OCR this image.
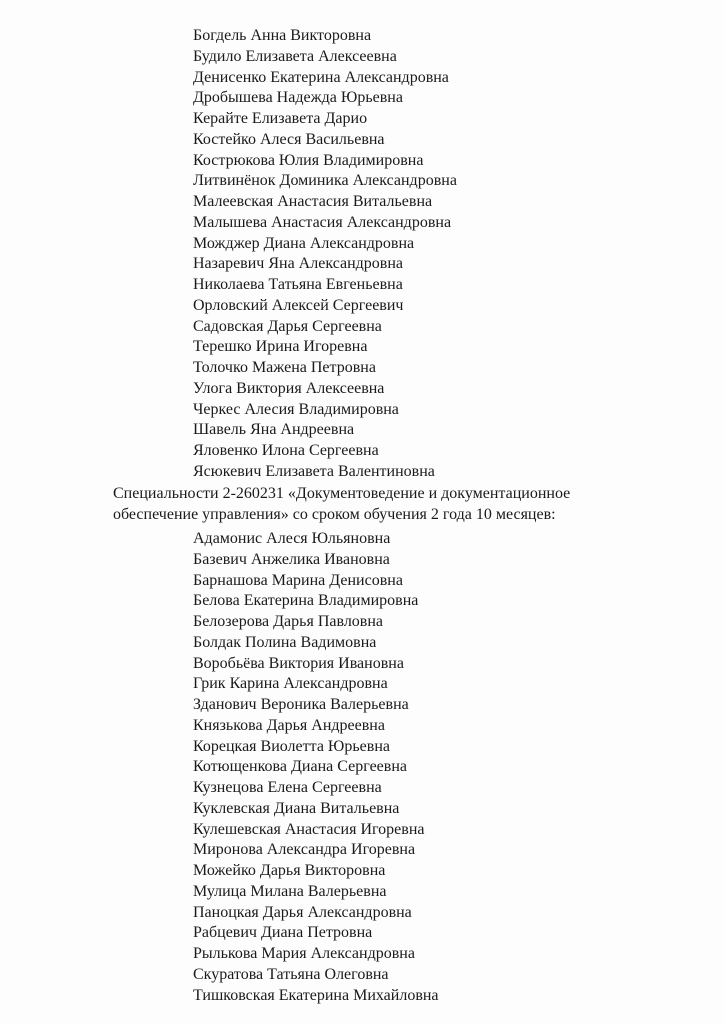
Богдель Анна Викторовна
Будило Елизавета Алексеевна
Денисенко Екатерина Александровна
Дробышева Надежда Юрьевна
Керайте Елизавета Дарио
Костейко Алеся Васильевна
Кострюкова Юлия Владимировна
Литвинёнок Доминика Александровна
Малеевская Анастасия Витальевна
Малышева Анастасия Александровна
Можджер Диана Александровна
Назаревич Яна Александровна
Николаева Татьяна Евгеньевна
Орловский Алексей Сергеевич
Садовская Дарья Сергеевна
Терешко Ирина Игоревна
Толочко Мажена Петровна
Улога Виктория Алексеевна
Черкес Алесия Владимировна
Шавель Яна Андреевна
Яловенко Илона Сергеевна
Ясюкевич Елизавета Валентиновна

Специальности 2-260231 «Документоведение и документационное
обеспечение управления» со сроком обучения 2 года 10 месяцев:

Адамонис Алеся Юльяновна
Базевич Анжелика Ивановна
Барнашова Марина Денисовна
Белова Екатерина Владимировна
Белозерова Дарья Павловна
Болдак Полина Вадимовна
Воробьёва Виктория Ивановна
Грик Карина Александровна
Зданович Вероника Валерьевна
Князькова Дарья Андреевна
Корецкая Виолетта Юрьевна
Котющенкова Диана Сергеевна
Кузнецова Елена Сергеевна
Куклевская Диана Витальевна
Кулешевская Анастасия Игоревна
Миронова Александра Игоревна
Можейко Дарья Викторовна
Мулица Милана Валерьевна
Паноцкая Дарья Александровна
Рабцевич Диана Петровна
Рылькова Мария Александровна
Скуратова Татьяна Олеговна
Тишковская Екатерина Михайловна
